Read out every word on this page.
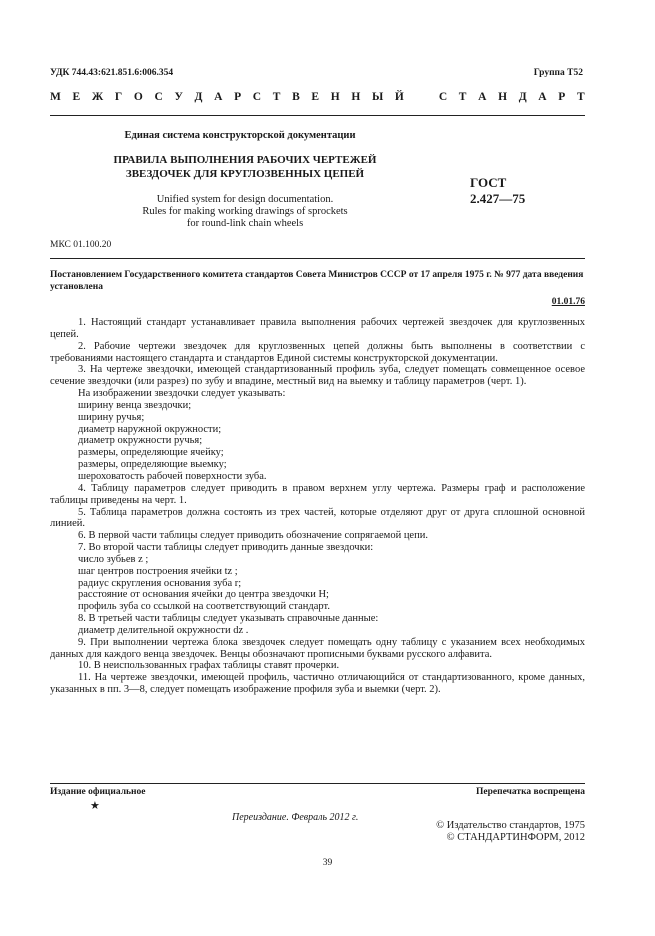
УДК 744.43:621.851.6:006.354	Группа Т52
М Е Ж Г О С У Д А Р С Т В Е Н Н Ы Й	С Т А Н Д А Р Т
Единая система конструкторской документации
ПРАВИЛА ВЫПОЛНЕНИЯ РАБОЧИХ ЧЕРТЕЖЕЙ
ЗВЕЗДОЧЕК ДЛЯ КРУГЛОЗВЕННЫХ ЦЕПЕЙ
ГОСТ
2.427—75
Unified system for design documentation.
Rules for making working drawings of sprockets
for round-link chain wheels
МКС 01.100.20
Постановлением Государственного комитета стандартов Совета Министров СССР от 17 апреля 1975 г. № 977 дата введения установлена
01.01.76

1. Настоящий стандарт устанавливает правила выполнения рабочих чертежей звездочек для круглозвенных цепей.

2. Рабочие чертежи звездочек для круглозвенных цепей должны быть выполнены в соответствии с требованиями настоящего стандарта и стандартов Единой системы конструкторской документации.

3. На чертеже звездочки, имеющей стандартизованный профиль зуба, следует помещать совмещенное осевое сечение звездочки (или разрез) по зубу и впадине, местный вид на выемку и таблицу параметров (черт. 1).

На изображении звездочки следует указывать:

ширину венца звездочки;

ширину ручья;

диаметр наружной окружности;

диаметр окружности ручья;

размеры, определяющие ячейку;

размеры, определяющие выемку;

шероховатость рабочей поверхности зуба.

4. Таблицу параметров следует приводить в правом верхнем углу чертежа. Размеры граф и расположение таблицы приведены на черт. 1.

5. Таблица параметров должна состоять из трех частей, которые отделяют друг от друга сплошной основной линией.

6. В первой части таблицы следует приводить обозначение сопрягаемой цепи.

7. Во второй части таблицы следует приводить данные звездочки:

число зубьев z ;

шаг центров построения ячейки tz ;

радиус скругления основания зуба r;

расстояние от основания ячейки до центра звездочки H;

профиль зуба со ссылкой на соответствующий стандарт.

8. В третьей части таблицы следует указывать справочные данные:

диаметр делительной окружности dz .

9. При выполнении чертежа блока звездочек следует помещать одну таблицу с указанием всех необходимых данных для каждого венца звездочек. Венцы обозначают прописными буквами русского алфавита.

10. В неиспользованных графах таблицы ставят прочерки.

11. На чертеже звездочки, имеющей профиль, частично отличающийся от стандартизованного, кроме данных, указанных в пп. 3—8, следует помещать изображение профиля зуба и выемки (черт. 2).

Издание официальное	Перепечатка воспрещена
★
Переиздание. Февраль 2012 г.
© Издательство стандартов, 1975
© СТАНДАРТИНФОРМ, 2012
39
